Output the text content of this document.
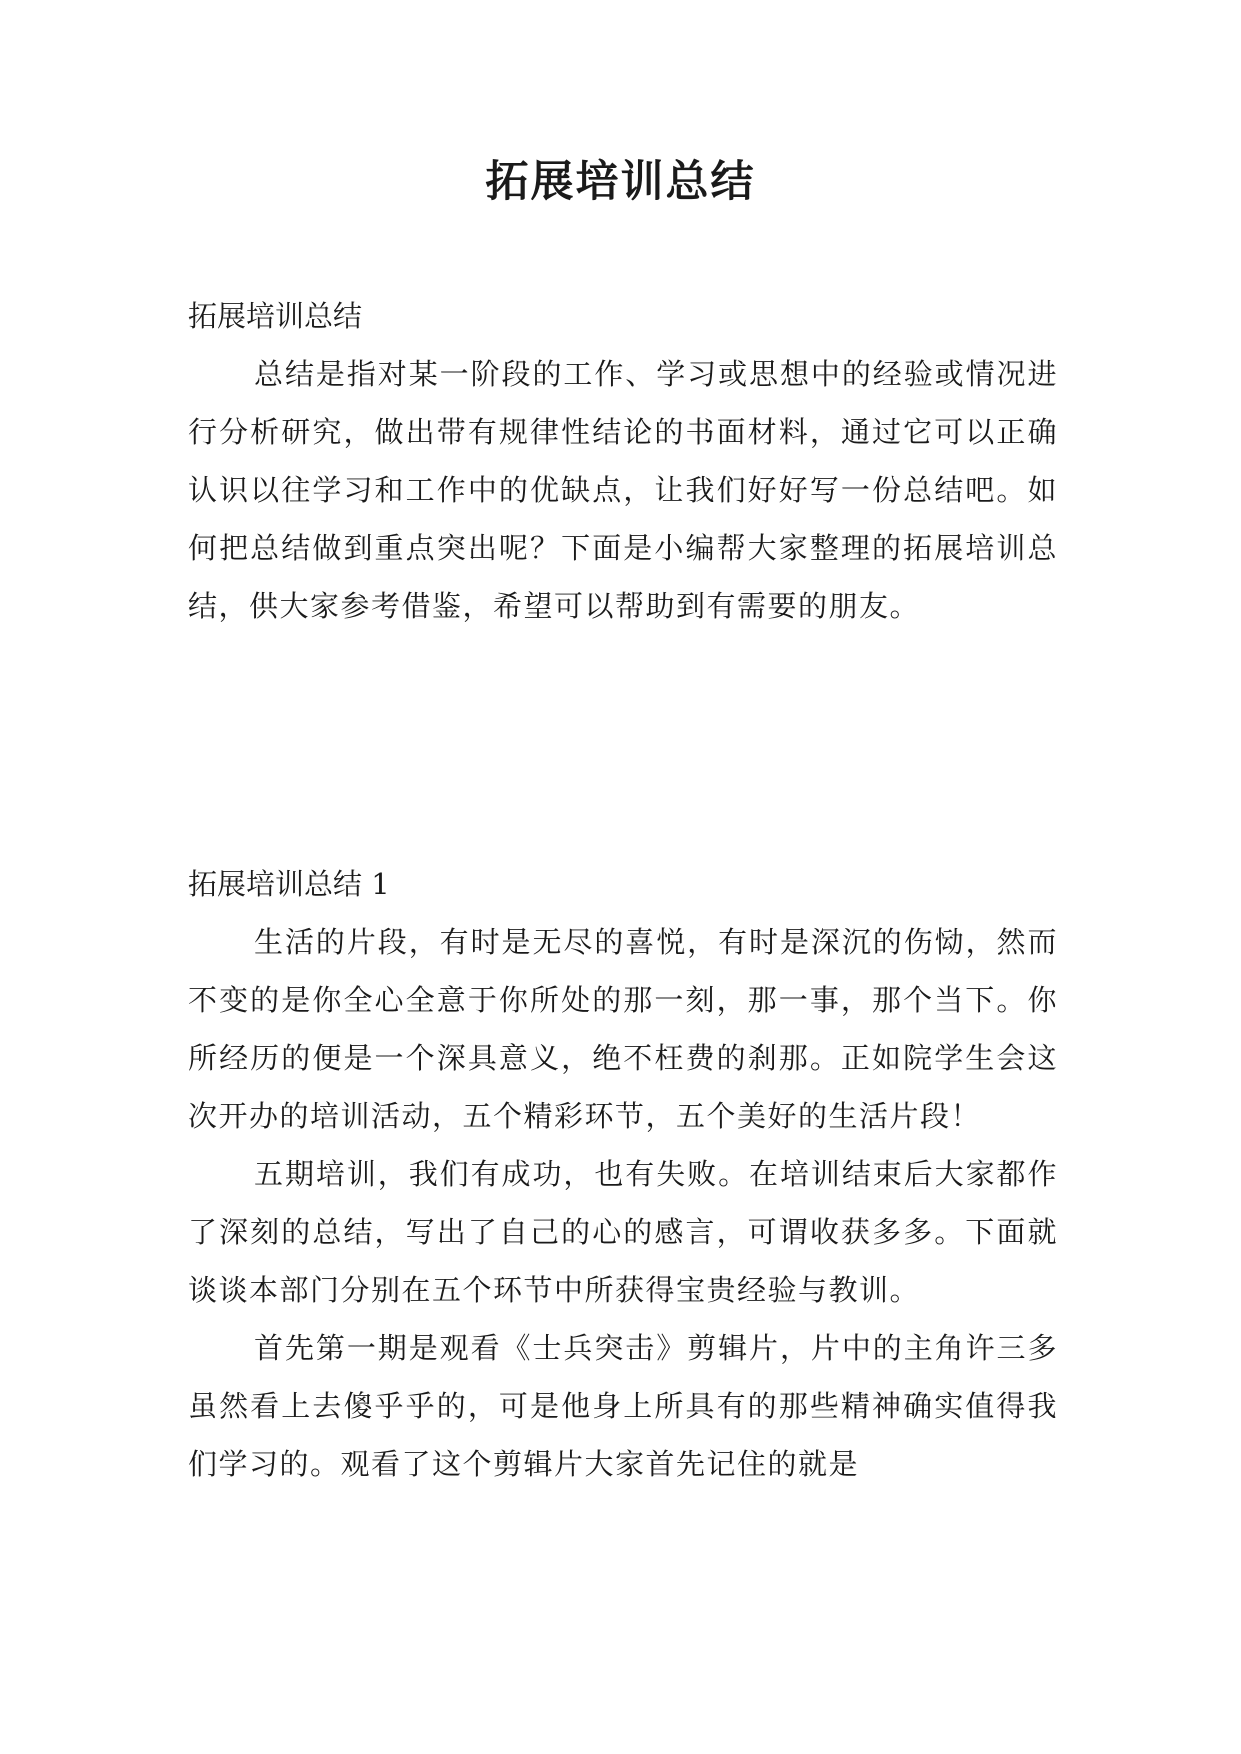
拓展培训总结
拓展培训总结

总结是指对某一阶段的工作、学习或思想中的经验或情况进行分析研究，做出带有规律性结论的书面材料，通过它可以正确认识以往学习和工作中的优缺点，让我们好好写一份总结吧。如何把总结做到重点突出呢？下面是小编帮大家整理的拓展培训总结，供大家参考借鉴，希望可以帮助到有需要的朋友。

拓展培训总结 1

生活的片段，有时是无尽的喜悦，有时是深沉的伤恸，然而不变的是你全心全意于你所处的那一刻，那一事，那个当下。你所经历的便是一个深具意义，绝不枉费的刹那。正如院学生会这次开办的培训活动，五个精彩环节，五个美好的生活片段！

五期培训，我们有成功，也有失败。在培训结束后大家都作了深刻的总结，写出了自己的心的感言，可谓收获多多。下面就谈谈本部门分别在五个环节中所获得宝贵经验与教训。

首先第一期是观看《士兵突击》剪辑片，片中的主角许三多虽然看上去傻乎乎的，可是他身上所具有的那些精神确实值得我们学习的。观看了这个剪辑片大家首先记住的就是
